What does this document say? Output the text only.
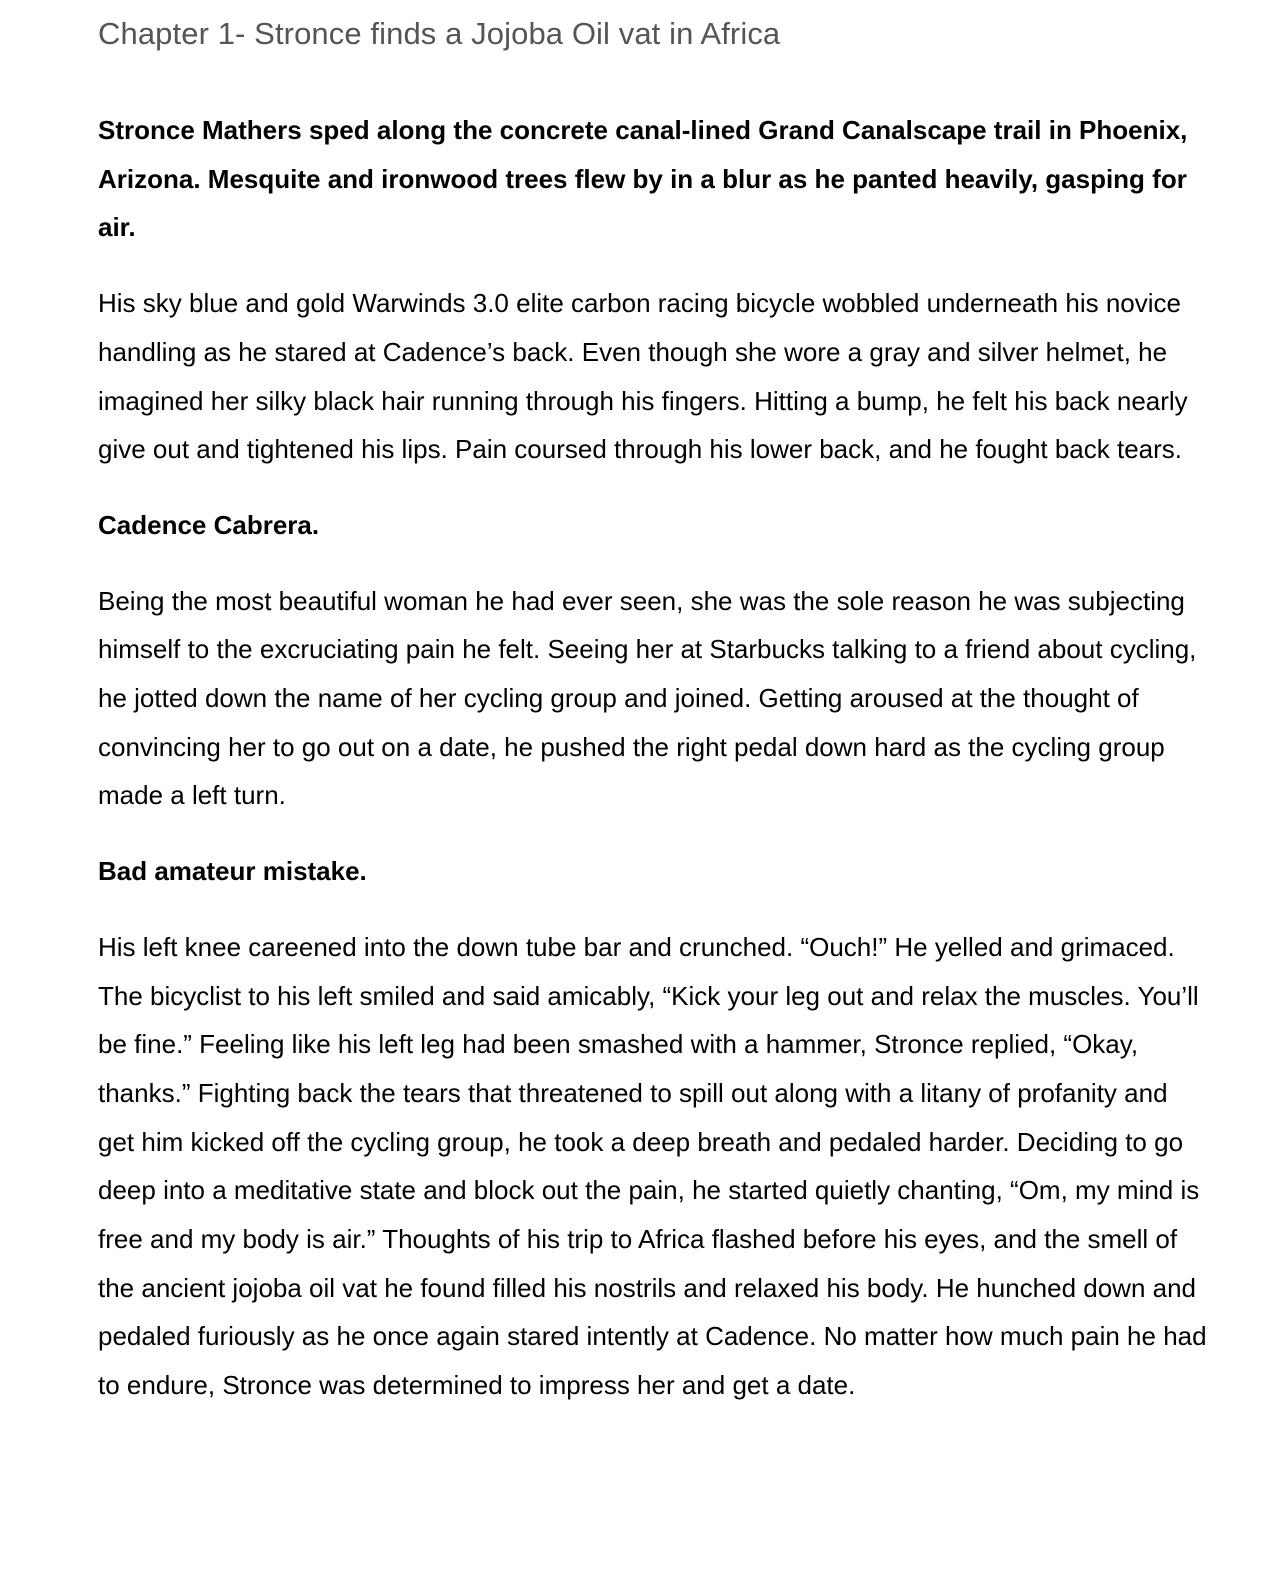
Chapter 1- Stronce finds a Jojoba Oil vat in Africa

Stronce Mathers sped along the concrete canal-lined Grand Canalscape trail in Phoenix, Arizona. Mesquite and ironwood trees flew by in a blur as he panted heavily, gasping for air.

His sky blue and gold Warwinds 3.0 elite carbon racing bicycle wobbled underneath his novice handling as he stared at Cadence’s back. Even though she wore a gray and silver helmet, he imagined her silky black hair running through his fingers. Hitting a bump, he felt his back nearly give out and tightened his lips. Pain coursed through his lower back, and he fought back tears.

Cadence Cabrera.

Being the most beautiful woman he had ever seen, she was the sole reason he was subjecting himself to the excruciating pain he felt. Seeing her at Starbucks talking to a friend about cycling, he jotted down the name of her cycling group and joined. Getting aroused at the thought of convincing her to go out on a date, he pushed the right pedal down hard as the cycling group made a left turn.

Bad amateur mistake.

His left knee careened into the down tube bar and crunched. “Ouch!” He yelled and grimaced. The bicyclist to his left smiled and said amicably, “Kick your leg out and relax the muscles. You’ll be fine.” Feeling like his left leg had been smashed with a hammer, Stronce replied, “Okay, thanks.” Fighting back the tears that threatened to spill out along with a litany of profanity and get him kicked off the cycling group, he took a deep breath and pedaled harder. Deciding to go deep into a meditative state and block out the pain, he started quietly chanting, “Om, my mind is free and my body is air.” Thoughts of his trip to Africa flashed before his eyes, and the smell of the ancient jojoba oil vat he found filled his nostrils and relaxed his body. He hunched down and pedaled furiously as he once again stared intently at Cadence. No matter how much pain he had to endure, Stronce was determined to impress her and get a date.
